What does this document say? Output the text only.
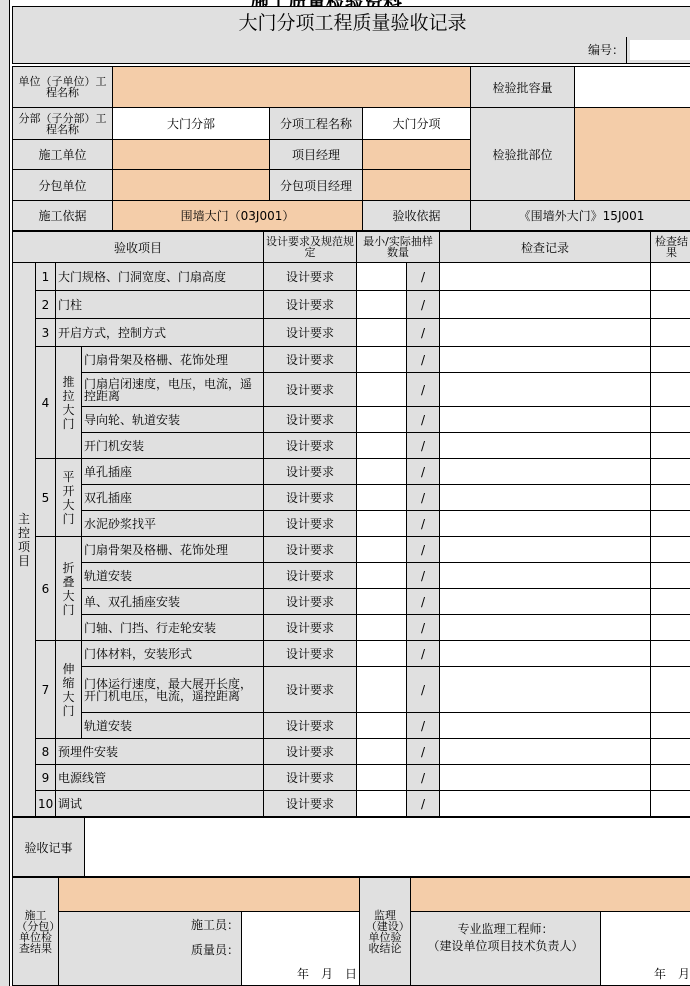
大门分项工程质量验收记录
编号：	
单位（子单位）工程名称				检验批容量	
分部（子分部）工程名称	大门分部	分项工程名称	大门分项	检验批部位	
施工单位		项目经理			
分包单位		分包项目经理			
施工依据	围墙大门（03J001）		验收依据	《围墙外大门》15J001	
验收项目				设计要求及规范规定	最小/实际抽样数量		检查记录	检查结果

主控项目	1	大门规格、门洞宽度、门扇高度		设计要求		/		
	2	门柱		设计要求		/		
	3	开启方式，控制方式		设计要求		/		
	4	推拉大门	门扇骨架及格栅、花饰处理	设计要求		/		
			门扇启闭速度，电压，电流，遥控距离	设计要求		/		
			导向轮、轨道安装	设计要求		/		
			开门机安装	设计要求		/		
	5	平开大门	单孔插座	设计要求		/		
			双孔插座	设计要求		/		
			水泥砂浆找平	设计要求		/		
	6	折叠大门	门扇骨架及格栅、花饰处理	设计要求		/		
			轨道安装	设计要求		/		
			单、双孔插座安装	设计要求		/		
			门轴、门挡、行走轮安装	设计要求		/		
	7	伸缩大门	门体材料，安装形式	设计要求		/		
			门体运行速度，最大展开长度，开门机电压，电流，遥控距离	设计要求		/		
			轨道安装	设计要求		/		
	8	预埋件安装		设计要求		/		
	9	电源线管		设计要求		/		
	10	调试		设计要求		/		
验收记事	
施工（分包）单位检查结果			监理（建设）单位验收结论		

	施工员：			专业监理工程师：
（建设单位项目技术负责人）	

	质量员：				
		年　月　日			年　月
